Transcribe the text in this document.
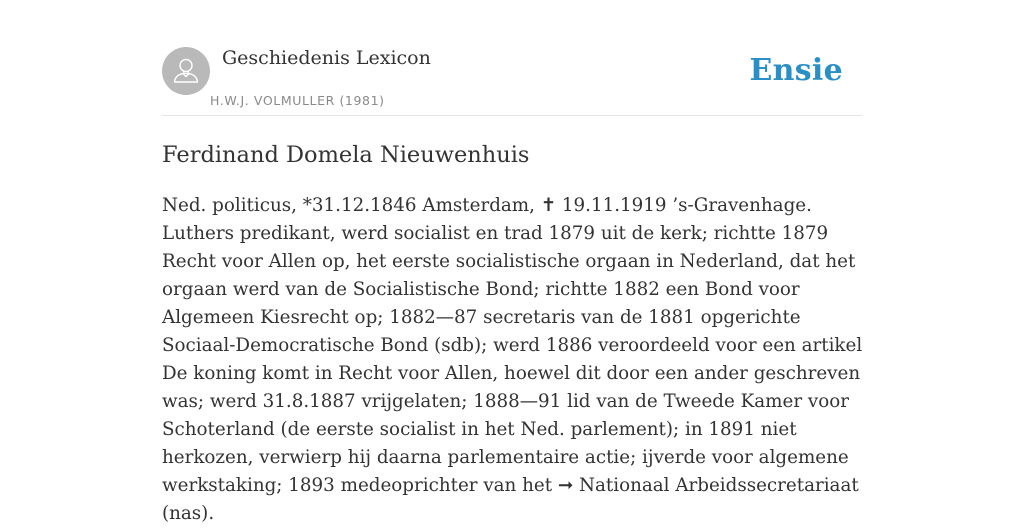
Geschiedenis Lexicon
H.W.J. VOLMULLER (1981)
Ensie
Ferdinand Domela Nieuwenhuis

Ned. politicus, *31.12.1846 Amsterdam, ✝ 19.11.1919 ’s-Gravenhage. Luthers predikant, werd socialist en trad 1879 uit de kerk; richtte 1879 Recht voor Allen op, het eerste socialistische orgaan in Nederland, dat het orgaan werd van de Socialistische Bond; richtte 1882 een Bond voor Algemeen Kiesrecht op; 1882—87 secretaris van de 1881 opgerichte Sociaal-Democratische Bond (sdb); werd 1886 veroordeeld voor een artikel De koning komt in Recht voor Allen, hoewel dit door een ander geschreven was; werd 31.8.1887 vrijgelaten; 1888—91 lid van de Tweede Kamer voor Schoterland (de eerste socialist in het Ned. parlement); in 1891 niet herkozen, verwierp hij daarna parlementaire actie; ijverde voor algemene werkstaking; 1893 medeoprichter van het ➞ Nationaal Arbeidssecretariaat (nas).
